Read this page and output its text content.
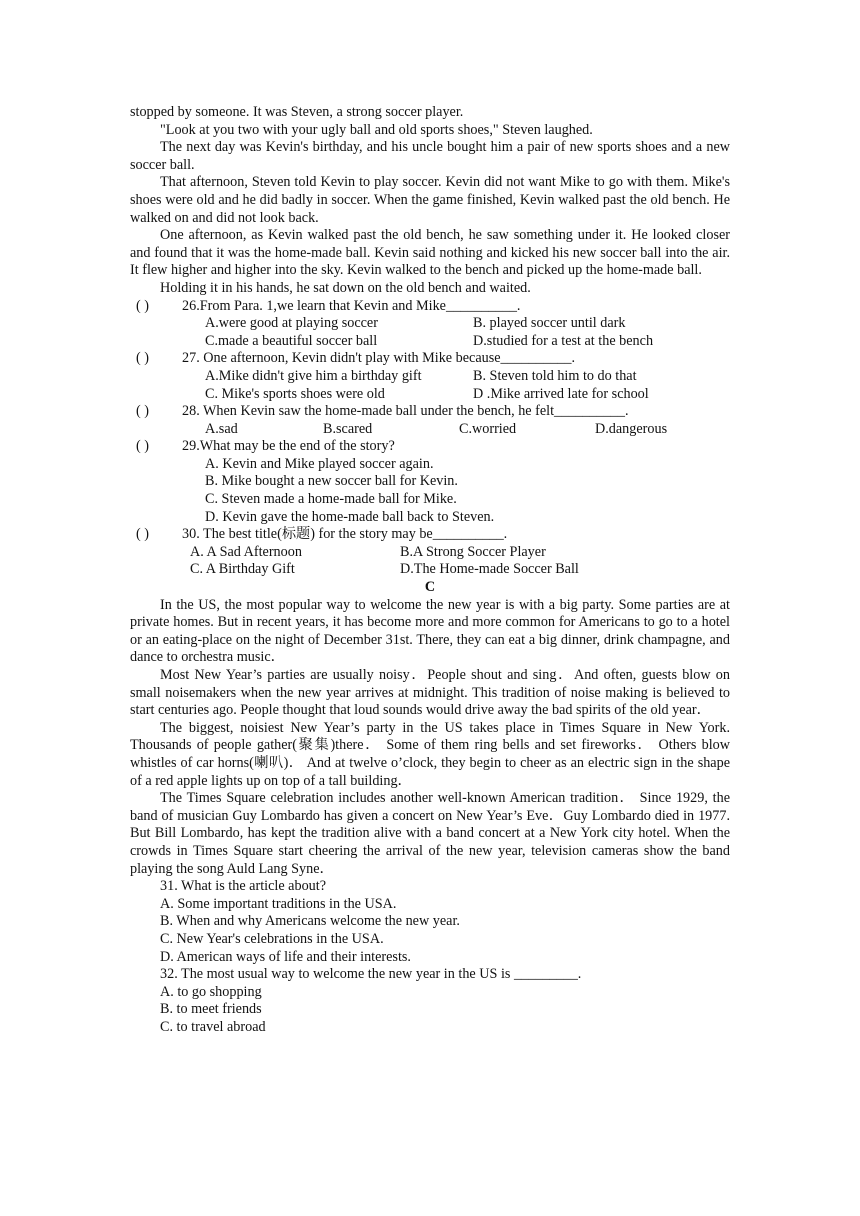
stopped by someone. It was Steven, a strong soccer player.

"Look at you two with your ugly ball and old sports shoes," Steven laughed.

The next day was Kevin's birthday, and his uncle bought him a pair of new sports shoes and a new soccer ball.

That afternoon, Steven told Kevin to play soccer. Kevin did not want Mike to go with them. Mike's shoes were old and he did badly in soccer. When the game finished, Kevin walked past the old bench. He walked on and did not look back.

One afternoon, as Kevin walked past the old bench, he saw something under it. He looked closer and found that it was the home-made ball. Kevin said nothing and kicked his new soccer ball into the air. It flew higher and higher into the sky. Kevin walked to the bench and picked up the home-made ball.

Holding it in his hands, he sat down on the old bench and waited.

( ) 26.From Para. 1,we learn that Kevin and Mike__________.
A.were good at playing soccer	B. played soccer until dark
C.made a beautiful soccer ball	D.studied for a test at the bench
( ) 27. One afternoon, Kevin didn't play with Mike because__________.
A.Mike didn't give him a birthday gift	B. Steven told him to do that
C. Mike's sports shoes were old	D .Mike arrived late for school
( ) 28. When Kevin saw the home-made ball under the bench, he felt__________.
A.sad	B.scared	C.worried	D.dangerous
( ) 29.What may be the end of the story?
A. Kevin and Mike played soccer again.
B. Mike bought a new soccer ball for Kevin.
C. Steven made a home-made ball for Mike.
D. Kevin gave the home-made ball back to Steven.
( ) 30. The best title(标题) for the story may be__________.
A. A Sad Afternoon	B.A Strong Soccer Player
C. A Birthday Gift	D.The Home-made Soccer Ball
C

In the US, the most popular way to welcome the new year is with a big party. Some parties are at private homes. But in recent years, it has become more and more common for Americans to go to a hotel or an eating-place on the night of December 31st. There, they can eat a big dinner, drink champagne, and dance to orchestra music．

Most New Year’s parties are usually noisy．People shout and sing．And often, guests blow on small noisemakers when the new year arrives at midnight. This tradition of noise making is believed to start centuries ago. People thought that loud sounds would drive away the bad spirits of the old year．

The biggest, noisiest New Year’s party in the US takes place in Times Square in New York. Thousands of people gather(聚集)there． Some of them ring bells and set fireworks． Others blow whistles of car horns(喇叭)． And at twelve o’clock, they begin to cheer as an electric sign in the shape of a red apple lights up on top of a tall building．

The Times Square celebration includes another well-known American tradition． Since 1929, the band of musician Guy Lombardo has given a concert on New Year’s Eve．Guy Lombardo died in 1977. But Bill Lombardo, has kept the tradition alive with a band concert at a New York city hotel. When the crowds in Times Square start cheering the arrival of the new year, television cameras show the band playing the song Auld Lang Syne．

31. What is the article about?
A. Some important traditions in the USA.
B. When and why Americans welcome the new year.
C. New Year's celebrations in the USA.
D. American ways of life and their interests.
32. The most usual way to welcome the new year in the US is _________.
A. to go shopping
B. to meet friends
C. to travel abroad
